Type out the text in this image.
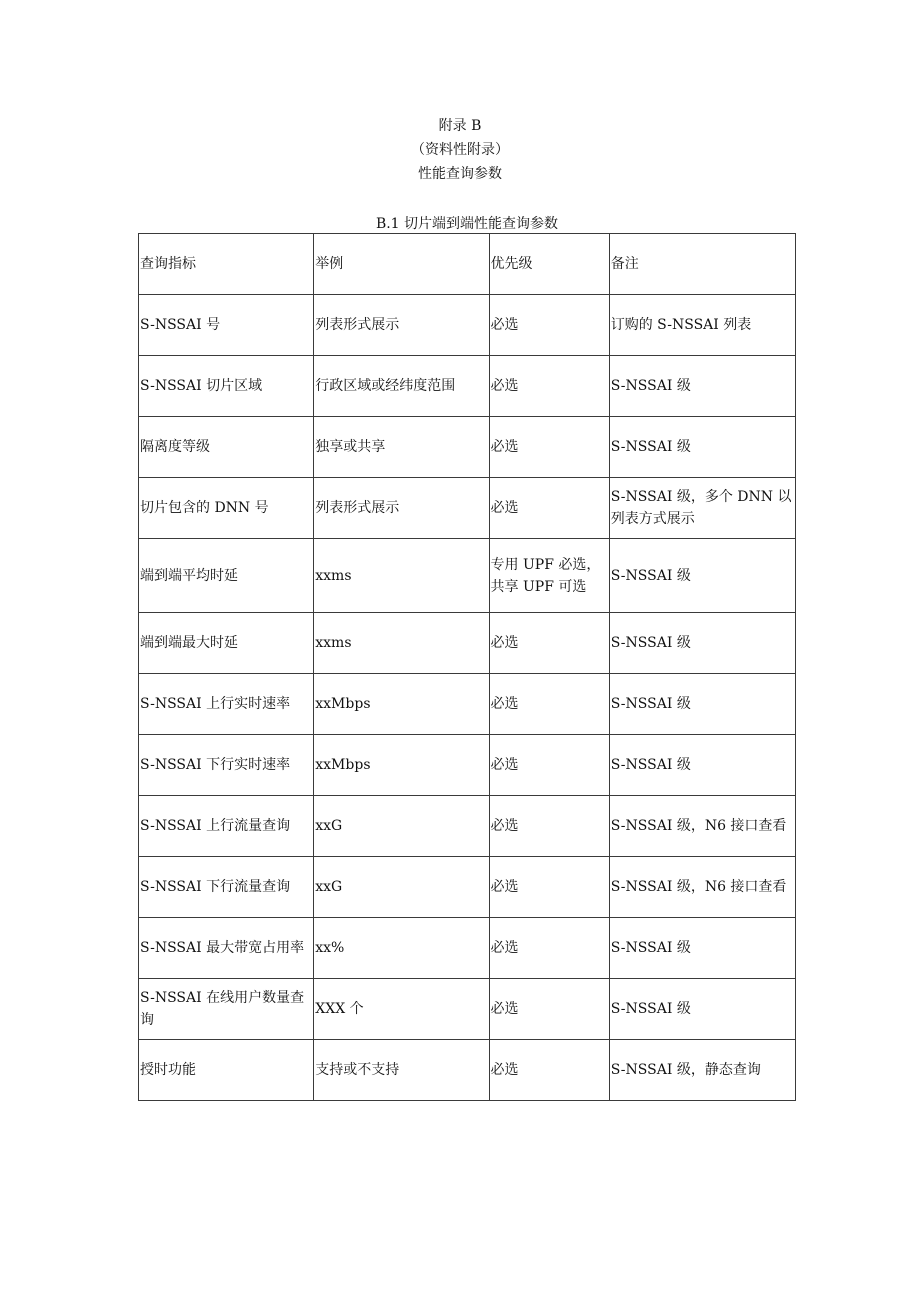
附录 B
（资料性附录）
性能查询参数
B.1 切片端到端性能查询参数
查询指标	举例	优先级	备注
S-NSSAI 号	列表形式展示	必选	订购的 S-NSSAI 列表
S-NSSAI 切片区域	行政区域或经纬度范围	必选	S-NSSAI 级
隔离度等级	独享或共享	必选	S-NSSAI 级
切片包含的 DNN 号	列表形式展示	必选	S-NSSAI 级，多个 DNN 以列表方式展示
端到端平均时延	xxms	专用 UPF 必选，共享 UPF 可选	S-NSSAI 级
端到端最大时延	xxms	必选	S-NSSAI 级
S-NSSAI 上行实时速率	xxMbps	必选	S-NSSAI 级
S-NSSAI 下行实时速率	xxMbps	必选	S-NSSAI 级
S-NSSAI 上行流量查询	xxG	必选	S-NSSAI 级，N6 接口查看
S-NSSAI 下行流量查询	xxG	必选	S-NSSAI 级，N6 接口查看
S-NSSAI 最大带宽占用率	xx%	必选	S-NSSAI 级
S-NSSAI 在线用户数量查询	XXX 个	必选	S-NSSAI 级
授时功能	支持或不支持	必选	S-NSSAI 级，静态查询
